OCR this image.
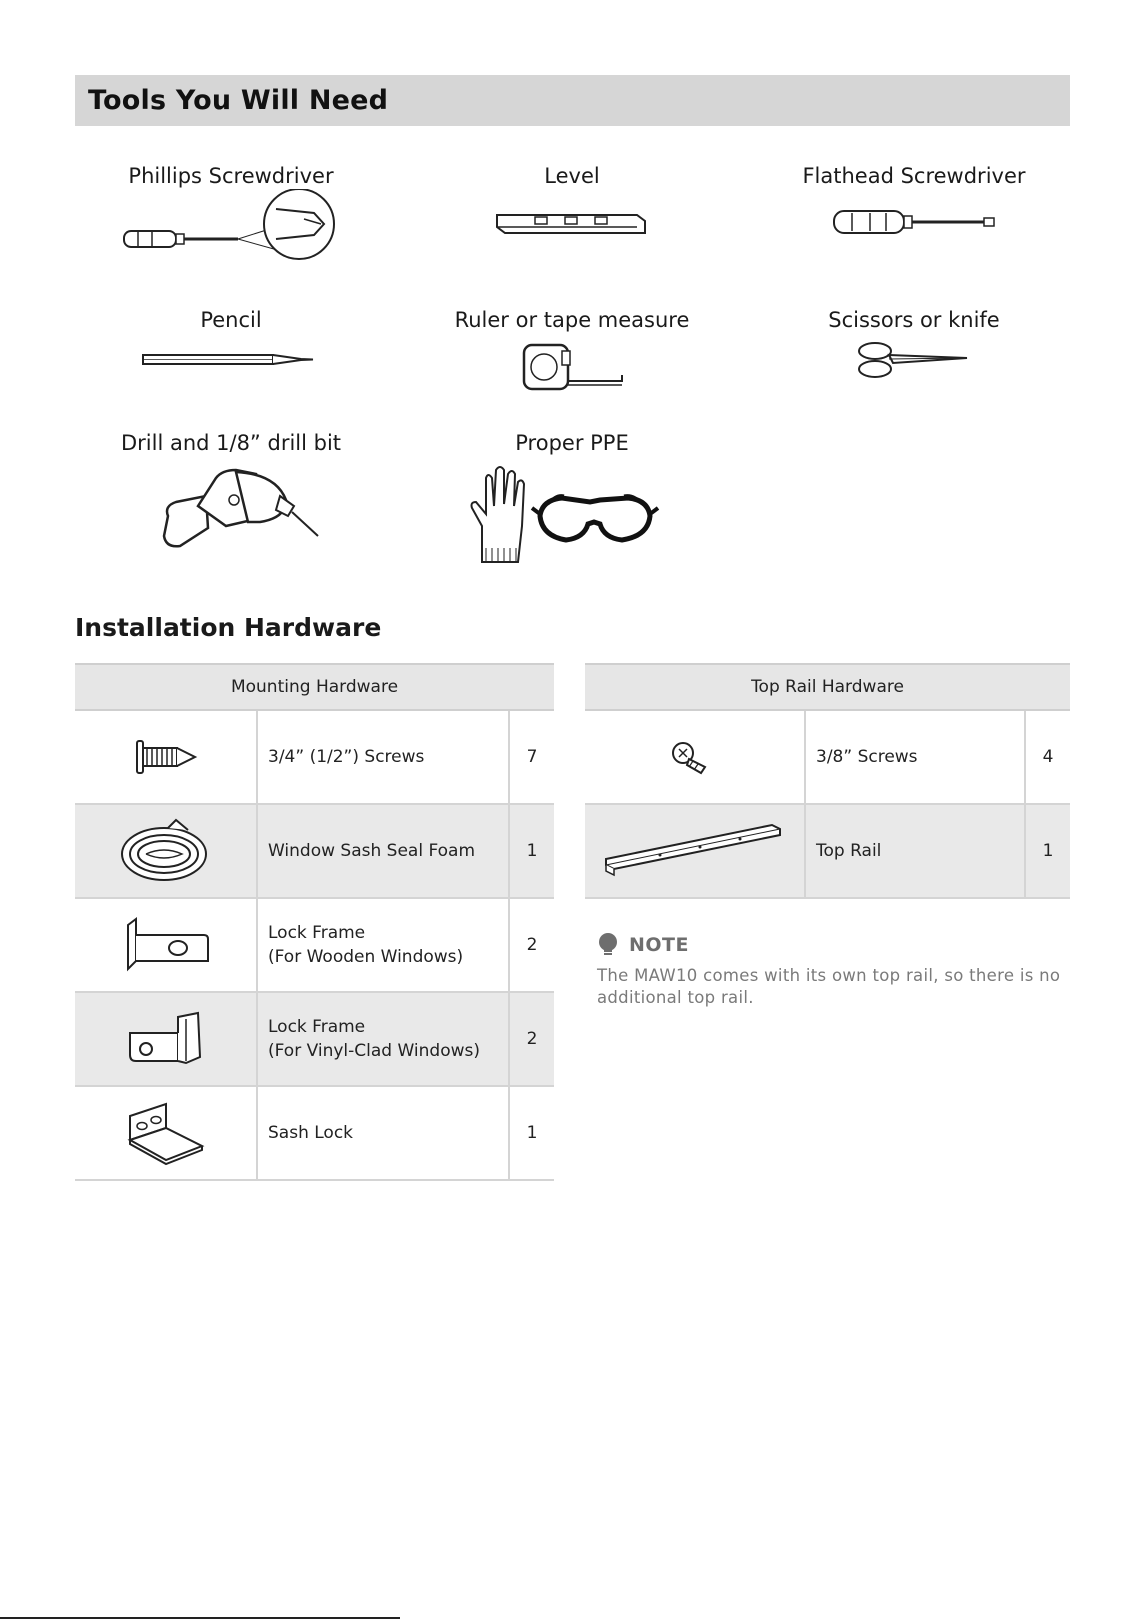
Tools You Will Need
Phillips Screwdriver	Level	Flathead Screwdriver
Pencil	Ruler or tape measure	Scissors or knife
Drill and 1/8” drill bit	Proper PPE
Installation Hardware
Mounting Hardware		

	3/4” (1/2”) Screws	7

	Window Sash Seal Foam	1

	Lock Frame
(For Wooden Windows)	2

	Lock Frame
(For Vinyl-Clad Windows)	2

	Sash Lock	1
Top Rail Hardware		

	3/8” Screws	4

	Top Rail	1
NOTE

The MAW10 comes with its own top rail, so there is no additional top rail.
